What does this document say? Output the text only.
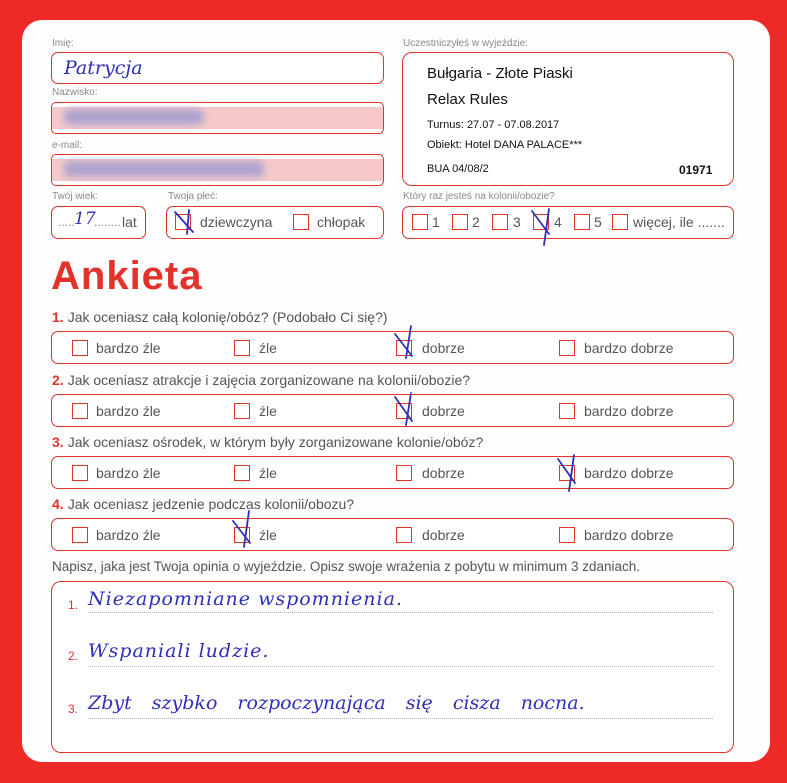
Imię:
Patrycja
Nazwisko:
e-mail:
Twój wiek:
..... 17
........ lat
Twoja płeć:
dziewczyna	chłopak
Uczestniczyłeś w wyjeździe:
Bułgaria - Złote Piaski
Relax Rules
Turnus: 27.07 - 07.08.2017
Obiekt: Hotel DANA PALACE***
BUA 04/08/2	01971
Który raz jesteś na kolonii/obozie?
1 2 3 4 5 więcej, ile .......
Ankieta
1. Jak oceniasz całą kolonię/obóz? (Podobało Ci się?)
bardzo źle	źle	dobrze	bardzo dobrze
2. Jak oceniasz atrakcje i zajęcia zorganizowane na kolonii/obozie?
bardzo źle	źle	dobrze	bardzo dobrze
3. Jak oceniasz ośrodek, w którym były zorganizowane kolonie/obóz?
bardzo źle	źle	dobrze	bardzo dobrze
4. Jak oceniasz jedzenie podczas kolonii/obozu?
bardzo źle	źle	dobrze	bardzo dobrze
Napisz, jaka jest Twoja opinia o wyjeździe. Opisz swoje wrażenia z pobytu w minimum 3 zdaniach.
1. Niezapomniane wspomnienia.
2. Wspaniali ludzie.
3. Zbyt szybko rozpoczynająca się cisza nocna.
